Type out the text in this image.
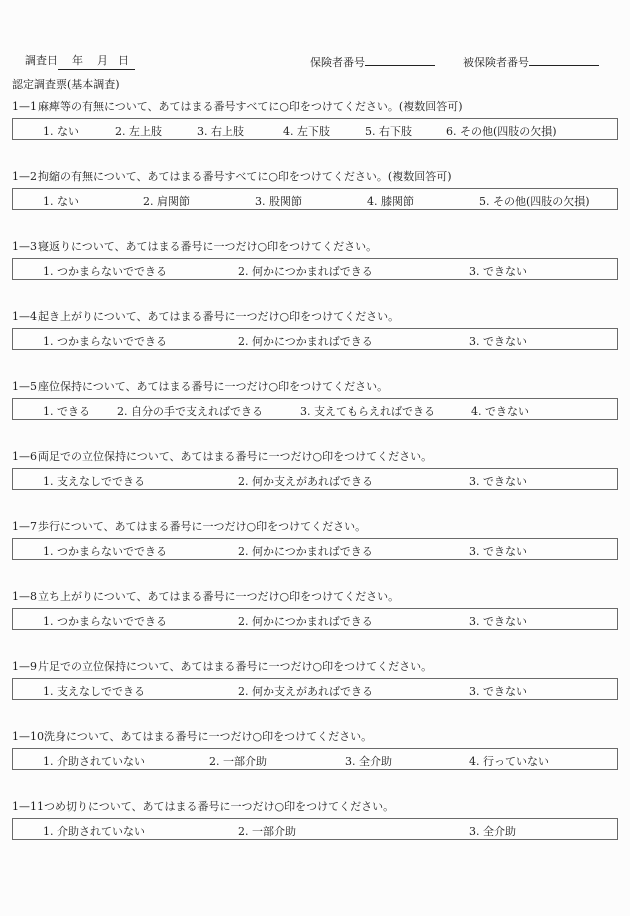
調査日 年 月 日	保険者番号	被保険者番号
認定調査票(基本調査)
1—1麻痺等の有無について、あてはまる番号すべてに○印をつけてください。(複数回答可)
1. ない	2. 左上肢	3. 右上肢	4. 左下肢	5. 右下肢	6. その他(四肢の欠損)
1—2拘縮の有無について、あてはまる番号すべてに○印をつけてください。(複数回答可)
1. ない	2. 肩関節	3. 股関節	4. 膝関節	5. その他(四肢の欠損)
1—3寝返りについて、あてはまる番号に一つだけ○印をつけてください。
1. つかまらないでできる	2. 何かにつかまればできる	3. できない
1—4起き上がりについて、あてはまる番号に一つだけ○印をつけてください。
1. つかまらないでできる	2. 何かにつかまればできる	3. できない
1—5座位保持について、あてはまる番号に一つだけ○印をつけてください。
1. できる 2. 自分の手で支えればできる	3. 支えてもらえればできる	4. できない
1—6両足での立位保持について、あてはまる番号に一つだけ○印をつけてください。
1. 支えなしでできる	2. 何か支えがあればできる	3. できない
1—7歩行について、あてはまる番号に一つだけ○印をつけてください。
1. つかまらないでできる	2. 何かにつかまればできる	3. できない
1—8立ち上がりについて、あてはまる番号に一つだけ○印をつけてください。
1. つかまらないでできる	2. 何かにつかまればできる	3. できない
1—9片足での立位保持について、あてはまる番号に一つだけ○印をつけてください。
1. 支えなしでできる	2. 何か支えがあればできる	3. できない
1—10洗身について、あてはまる番号に一つだけ○印をつけてください。
1. 介助されていない	2. 一部介助	3. 全介助	4. 行っていない
1—11つめ切りについて、あてはまる番号に一つだけ○印をつけてください。
1. 介助されていない	2. 一部介助	3. 全介助
